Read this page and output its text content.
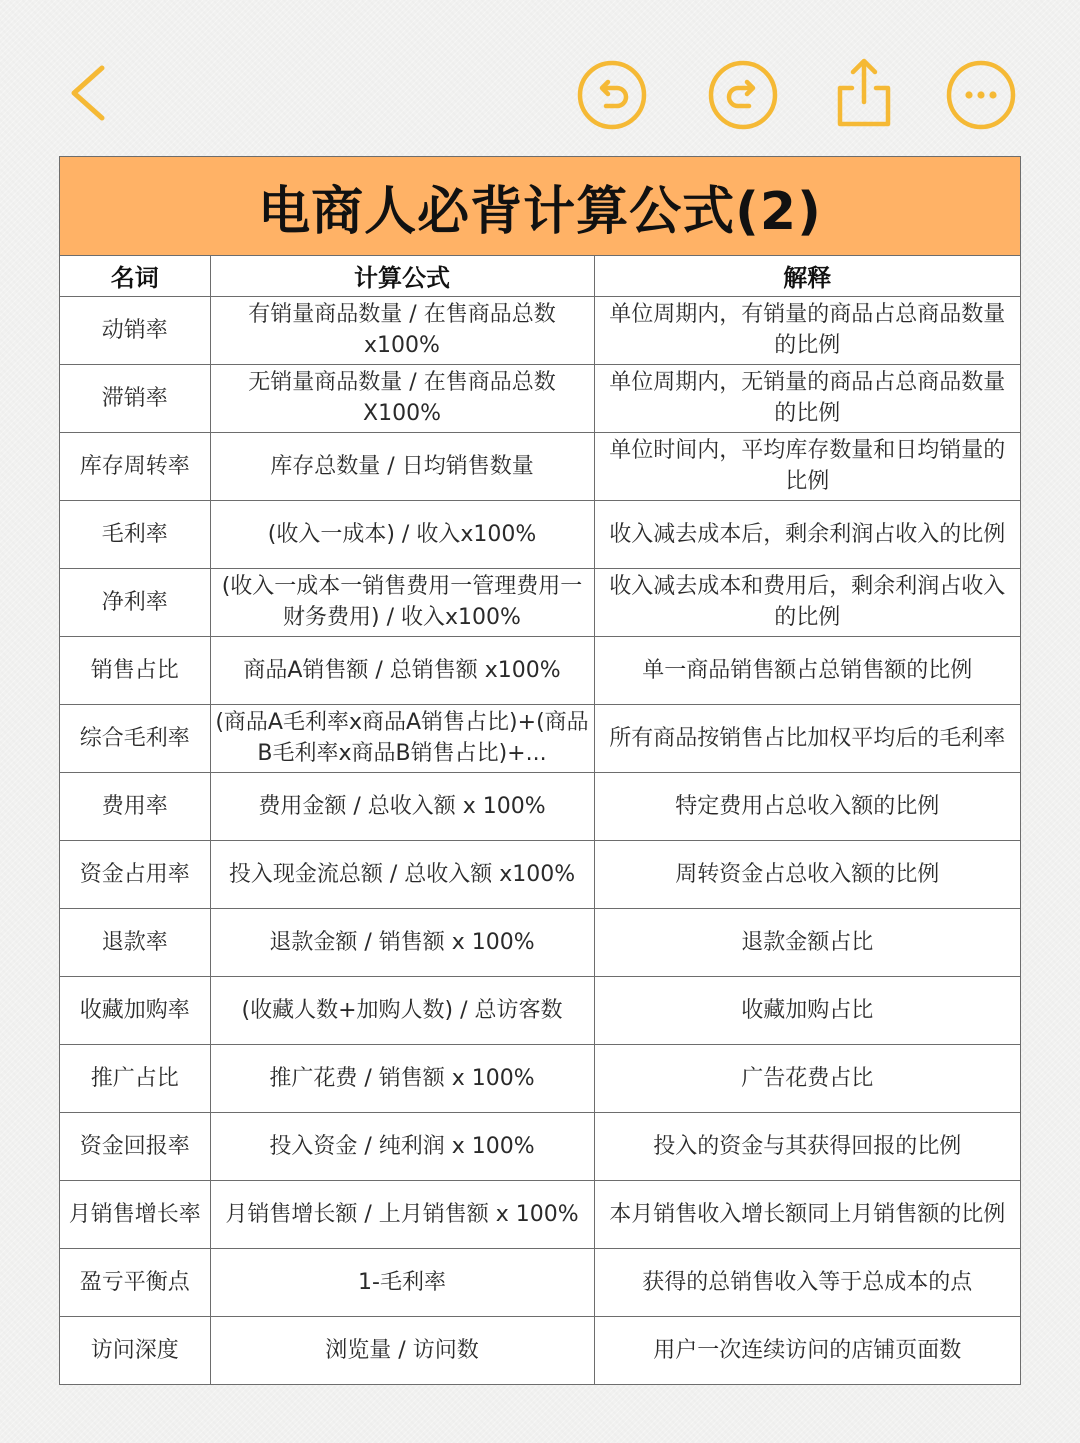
电商人必背计算公式(2)
名词	计算公式	解释
动销率	有销量商品数量 / 在售商品总数 x100%	单位周期内，有销量的商品占总商品数量的比例
滞销率	无销量商品数量 / 在售商品总数 X100%	单位周期内，无销量的商品占总商品数量的比例
库存周转率	库存总数量 / 日均销售数量	单位时间内，平均库存数量和日均销量的比例
毛利率	(收入一成本) / 收入x100%	收入减去成本后，剩余利润占收入的比例
净利率	(收入一成本一销售费用一管理费用一财务费用) / 收入x100%	收入减去成本和费用后，剩余利润占收入的比例
销售占比	商品A销售额 / 总销售额 x100%	单一商品销售额占总销售额的比例
综合毛利率	(商品A毛利率x商品A销售占比)+(商品B毛利率x商品B销售占比)+...	所有商品按销售占比加权平均后的毛利率
费用率	费用金额 / 总收入额 x 100%	特定费用占总收入额的比例
资金占用率	投入现金流总额 / 总收入额 x100%	周转资金占总收入额的比例
退款率	退款金额 / 销售额 x 100%	退款金额占比
收藏加购率	(收藏人数+加购人数) / 总访客数	收藏加购占比
推广占比	推广花费 / 销售额 x 100%	广告花费占比
资金回报率	投入资金 / 纯利润 x 100%	投入的资金与其获得回报的比例
月销售增长率	月销售增长额 / 上月销售额 x 100%	本月销售收入增长额同上月销售额的比例
盈亏平衡点	1-毛利率	获得的总销售收入等于总成本的点
访问深度	浏览量 / 访问数	用户一次连续访问的店铺页面数
